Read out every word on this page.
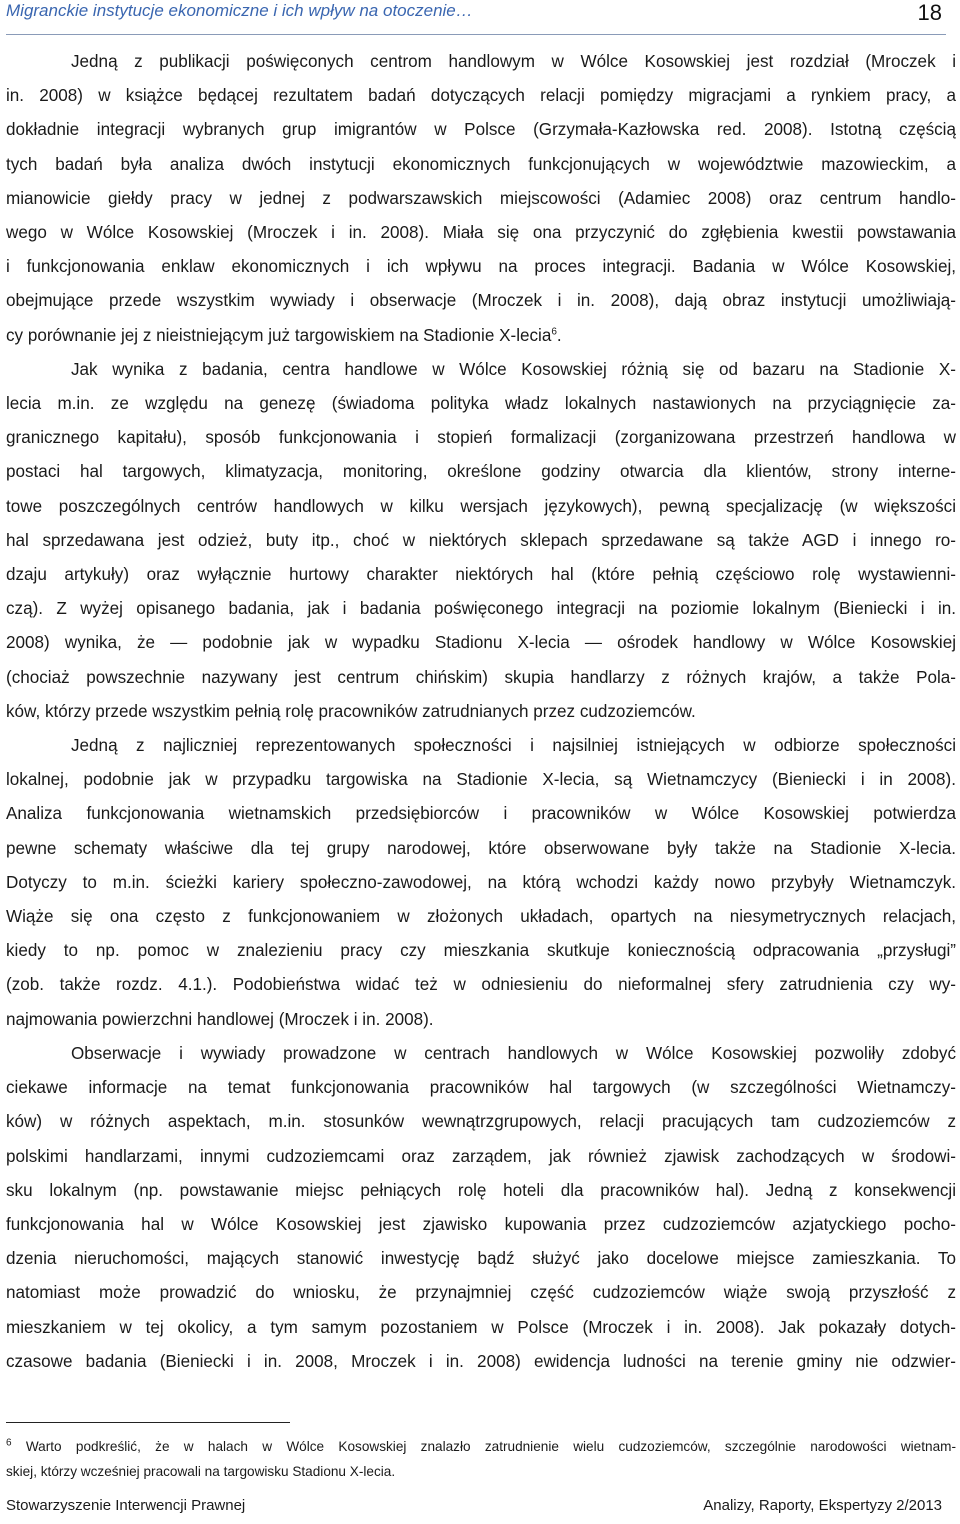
Migranckie instytucje ekonomiczne i ich wpływ na otoczenie…	18
Jedną z publikacji poświęconych centrom handlowym w Wólce Kosowskiej jest rozdział (Mroczek i
in. 2008) w książce będącej rezultatem badań dotyczących relacji pomiędzy migracjami a rynkiem pracy, a
dokładnie integracji wybranych grup imigrantów w Polsce (Grzymała-Kazłowska red. 2008). Istotną częścią
tych badań była analiza dwóch instytucji ekonomicznych funkcjonujących w województwie mazowieckim, a
mianowicie giełdy pracy w jednej z podwarszawskich miejscowości (Adamiec 2008) oraz centrum handlo-
wego w Wólce Kosowskiej (Mroczek i in. 2008). Miała się ona przyczynić do zgłębienia kwestii powstawania
i funkcjonowania enklaw ekonomicznych i ich wpływu na proces integracji. Badania w Wólce Kosowskiej,
obejmujące przede wszystkim wywiady i obserwacje (Mroczek i in. 2008), dają obraz instytucji umożliwiają-
cy porównanie jej z nieistniejącym już targowiskiem na Stadionie X-lecia$^6$.
Jak wynika z badania, centra handlowe w Wólce Kosowskiej różnią się od bazaru na Stadionie X-
lecia m.in. ze względu na genezę (świadoma polityka władz lokalnych nastawionych na przyciągnięcie za-
granicznego kapitału), sposób funkcjonowania i stopień formalizacji (zorganizowana przestrzeń handlowa w
postaci hal targowych, klimatyzacja, monitoring, określone godziny otwarcia dla klientów, strony interne-
towe poszczególnych centrów handlowych w kilku wersjach językowych), pewną specjalizację (w większości
hal sprzedawana jest odzież, buty itp., choć w niektórych sklepach sprzedawane są także AGD i innego ro-
dzaju artykuły) oraz wyłącznie hurtowy charakter niektórych hal (które pełnią częściowo rolę wystawienni-
czą). Z wyżej opisanego badania, jak i badania poświęconego integracji na poziomie lokalnym (Bieniecki i in.
2008) wynika, że — podobnie jak w wypadku Stadionu X-lecia — ośrodek handlowy w Wólce Kosowskiej
(chociaż powszechnie nazywany jest centrum chińskim) skupia handlarzy z różnych krajów, a także Pola-
ków, którzy przede wszystkim pełnią rolę pracowników zatrudnianych przez cudzoziemców.
Jedną z najliczniej reprezentowanych społeczności i najsilniej istniejących w odbiorze społeczności
lokalnej, podobnie jak w przypadku targowiska na Stadionie X-lecia, są Wietnamczycy (Bieniecki i in 2008).
Analiza funkcjonowania wietnamskich przedsiębiorców i pracowników w Wólce Kosowskiej potwierdza
pewne schematy właściwe dla tej grupy narodowej, które obserwowane były także na Stadionie X-lecia.
Dotyczy to m.in. ścieżki kariery społeczno-zawodowej, na którą wchodzi każdy nowo przybyły Wietnamczyk.
Wiąże się ona często z funkcjonowaniem w złożonych układach, opartych na niesymetrycznych relacjach,
kiedy to np. pomoc w znalezieniu pracy czy mieszkania skutkuje koniecznością odpracowania „przysługi”
(zob. także rozdz. 4.1.). Podobieństwa widać też w odniesieniu do nieformalnej sfery zatrudnienia czy wy-
najmowania powierzchni handlowej (Mroczek i in. 2008).
Obserwacje i wywiady prowadzone w centrach handlowych w Wólce Kosowskiej pozwoliły zdobyć
ciekawe informacje na temat funkcjonowania pracowników hal targowych (w szczególności Wietnamczy-
ków) w różnych aspektach, m.in. stosunków wewnątrzgrupowych, relacji pracujących tam cudzoziemców z
polskimi handlarzami, innymi cudzoziemcami oraz zarządem, jak również zjawisk zachodzących w środowi-
sku lokalnym (np. powstawanie miejsc pełniących rolę hoteli dla pracowników hal). Jedną z konsekwencji
funkcjonowania hal w Wólce Kosowskiej jest zjawisko kupowania przez cudzoziemców azjatyckiego pocho-
dzenia nieruchomości, mających stanowić inwestycję bądź służyć jako docelowe miejsce zamieszkania. To
natomiast może prowadzić do wniosku, że przynajmniej część cudzoziemców wiąże swoją przyszłość z
mieszkaniem w tej okolicy, a tym samym pozostaniem w Polsce (Mroczek i in. 2008). Jak pokazały dotych-
czasowe badania (Bieniecki i in. 2008, Mroczek i in. 2008) ewidencja ludności na terenie gminy nie odzwier-
$^6$ Warto podkreślić, że w halach w Wólce Kosowskiej znalazło zatrudnienie wielu cudzoziemców, szczególnie narodowości wietnam-
skiej, którzy wcześniej pracowali na targowisku Stadionu X-lecia.
Stowarzyszenie Interwencji Prawnej	Analizy, Raporty, Ekspertyzy 2/2013
